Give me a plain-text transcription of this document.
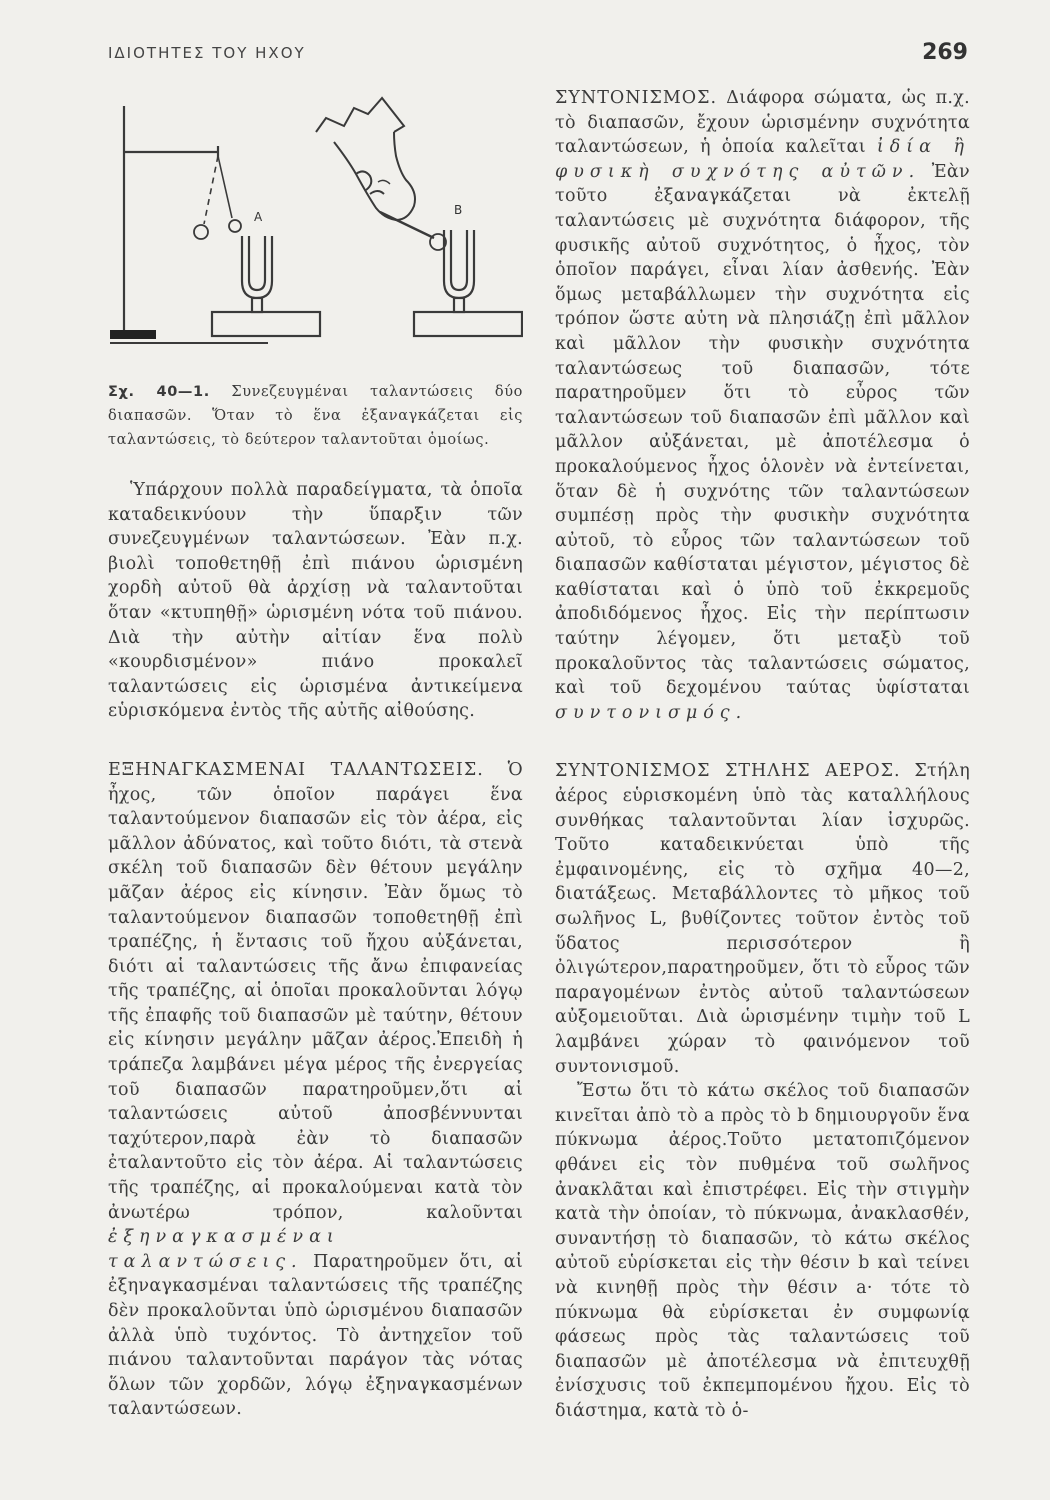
ΙΔΙΟΤΗΤΕΣ ΤΟΥ ΗΧΟΥ	269
A	B
Σχ. 40—1. Συνεζευγμέναι ταλαντώσεις δύο διαπασῶν. Ὅταν τὸ ἕνα ἐξαναγκάζεται εἰς ταλαντώσεις, τὸ δεύτερον ταλαντοῦται ὁμοίως.

Ὑπάρχουν πολλὰ παραδείγματα, τὰ ὁποῖα καταδεικνύουν τὴν ὕπαρξιν τῶν συνεζευγμένων ταλαντώσεων. Ἐὰν π.χ. βιολὶ τοποθετηθῇ ἐπὶ πιάνου ὡρισμένη χορδὴ αὐτοῦ θὰ ἀρχίσῃ νὰ ταλαντοῦται ὅταν «κτυπηθῇ» ὡρισμένη νότα τοῦ πιάνου. Διὰ τὴν αὐτὴν αἰτίαν ἕνα πολὺ «κουρδισμένον» πιάνο προκαλεῖ ταλαντώσεις εἰς ὡρισμένα ἀντικείμενα εὑρισκόμενα ἐντὸς τῆς αὐτῆς αἰθούσης.

ΕΞΗΝΑΓΚΑΣΜΕΝΑΙ ΤΑΛΑΝΤΩΣΕΙΣ. Ὁ ἦχος, τῶν ὁποῖον παράγει ἕνα ταλαντούμενον διαπασῶν εἰς τὸν ἀέρα, εἰς μᾶλλον ἀδύνατος, καὶ τοῦτο διότι, τὰ στενὰ σκέλη τοῦ διαπασῶν δὲν θέτουν μεγάλην μᾶζαν ἀέρος εἰς κίνησιν. Ἐὰν ὅμως τὸ ταλαντούμενον διαπασῶν τοποθετηθῇ ἐπὶ τραπέζης, ἡ ἔντασις τοῦ ἤχου αὐξάνεται, διότι αἱ ταλαντώσεις τῆς ἄνω ἐπιφανείας τῆς τραπέζης, αἱ ὁποῖαι προκαλοῦνται λόγῳ τῆς ἐπαφῆς τοῦ διαπασῶν μὲ ταύτην, θέτουν εἰς κίνησιν μεγάλην μᾶζαν ἀέρος.Ἐπειδὴ ἡ τράπεζα λαμβάνει μέγα μέρος τῆς ἐνεργείας τοῦ διαπασῶν παρατηροῦμεν,ὅτι αἱ ταλαντώσεις αὐτοῦ ἀποσβέννυνται ταχύτερον,παρὰ ἐὰν τὸ διαπασῶν ἐταλαντοῦτο εἰς τὸν ἀέρα. Αἱ ταλαντώσεις τῆς τραπέζης, αἱ προκαλούμεναι κατὰ τὸν ἀνωτέρω τρόπον, καλοῦνται ἐξηναγκασμέναι ταλαντώσεις. Παρατηροῦμεν ὅτι, αἱ ἐξηναγκασμέναι ταλαντώσεις τῆς τραπέζης δὲν προκαλοῦνται ὑπὸ ὡρισμένου διαπασῶν ἀλλὰ ὑπὸ τυχόντος. Τὸ ἀντηχεῖον τοῦ πιάνου ταλαντοῦνται παράγον τὰς νότας ὅλων τῶν χορδῶν, λόγῳ ἐξηναγκασμένων ταλαντώσεων.

ΣΥΝΤΟΝΙΣΜΟΣ. Διάφορα σώματα, ὡς π.χ. τὸ διαπασῶν, ἔχουν ὡρισμένην συχνότητα ταλαντώσεων, ἡ ὁποία καλεῖται ἰδία ἢ φυσικὴ συχνότης αὐτῶν. Ἐὰν τοῦτο ἐξαναγκάζεται νὰ ἐκτελῇ ταλαντώσεις μὲ συχνότητα διάφορον, τῆς φυσικῆς αὐτοῦ συχνότητος, ὁ ἦχος, τὸν ὁποῖον παράγει, εἶναι λίαν ἀσθενής. Ἐὰν ὅμως μεταβάλλωμεν τὴν συχνότητα εἰς τρόπον ὥστε αὐτη νὰ πλησιάζῃ ἐπὶ μᾶλλον καὶ μᾶλλον τὴν φυσικὴν συχνότητα ταλαντώσεως τοῦ διαπασῶν, τότε παρατηροῦμεν ὅτι τὸ εὖρος τῶν ταλαντώσεων τοῦ διαπασῶν ἐπὶ μᾶλλον καὶ μᾶλλον αὐξάνεται, μὲ ἀποτέλεσμα ὁ προκαλούμενος ἦχος ὁλονὲν νὰ ἐντείνεται, ὅταν δὲ ἡ συχνότης τῶν ταλαντώσεων συμπέσῃ πρὸς τὴν φυσικὴν συχνότητα αὐτοῦ, τὸ εὖρος τῶν ταλαντώσεων τοῦ διαπασῶν καθίσταται μέγιστον, μέγιστος δὲ καθίσταται καὶ ὁ ὑπὸ τοῦ ἐκκρεμοῦς ἀποδιδόμενος ἦχος. Εἰς τὴν περίπτωσιν ταύτην λέγομεν, ὅτι μεταξὺ τοῦ προκαλοῦντος τὰς ταλαντώσεις σώματος, καὶ τοῦ δεχομένου ταύτας ὑφίσταται συντονισμός.

ΣΥΝΤΟΝΙΣΜΟΣ ΣΤΗΛΗΣ ΑΕΡΟΣ. Στήλη ἀέρος εὑρισκομένη ὑπὸ τὰς καταλλήλους συνθήκας ταλαντοῦνται λίαν ἰσχυρῶς. Τοῦτο καταδεικνύεται ὑπὸ τῆς ἐμφαινομένης, εἰς τὸ σχῆμα 40—2, διατάξεως. Μεταβάλλοντες τὸ μῆκος τοῦ σωλῆνος L, βυθίζοντες τοῦτον ἐντὸς τοῦ ὕδατος περισσότερον ἢ ὀλιγώτερον,παρατηροῦμεν, ὅτι τὸ εὖρος τῶν παραγομένων ἐντὸς αὐτοῦ ταλαντώσεων αὐξομειοῦται. Διὰ ὡρισμένην τιμὴν τοῦ L λαμβάνει χώραν τὸ φαινόμενον τοῦ συντονισμοῦ.

Ἔστω ὅτι τὸ κάτω σκέλος τοῦ διαπασῶν κινεῖται ἀπὸ τὸ a πρὸς τὸ b δημιουργοῦν ἕνα πύκνωμα ἀέρος.Τοῦτο μετατοπιζόμενον φθάνει εἰς τὸν πυθμένα τοῦ σωλῆνος ἀνακλᾶται καὶ ἐπιστρέφει. Εἰς τὴν στιγμὴν κατὰ τὴν ὁποίαν, τὸ πύκνωμα, ἀνακλασθέν, συναντήσῃ τὸ διαπασῶν, τὸ κάτω σκέλος αὐτοῦ εὑρίσκεται εἰς τὴν θέσιν b καὶ τείνει νὰ κινηθῇ πρὸς τὴν θέσιν a· τότε τὸ πύκνωμα θὰ εὑρίσκεται ἐν συμφωνίᾳ φάσεως πρὸς τὰς ταλαντώσεις τοῦ διαπασῶν μὲ ἀποτέλεσμα νὰ ἐπιτευχθῇ ἐνίσχυσις τοῦ ἐκπεμπομένου ἤχου. Εἰς τὸ διάστημα, κατὰ τὸ ὁ-
